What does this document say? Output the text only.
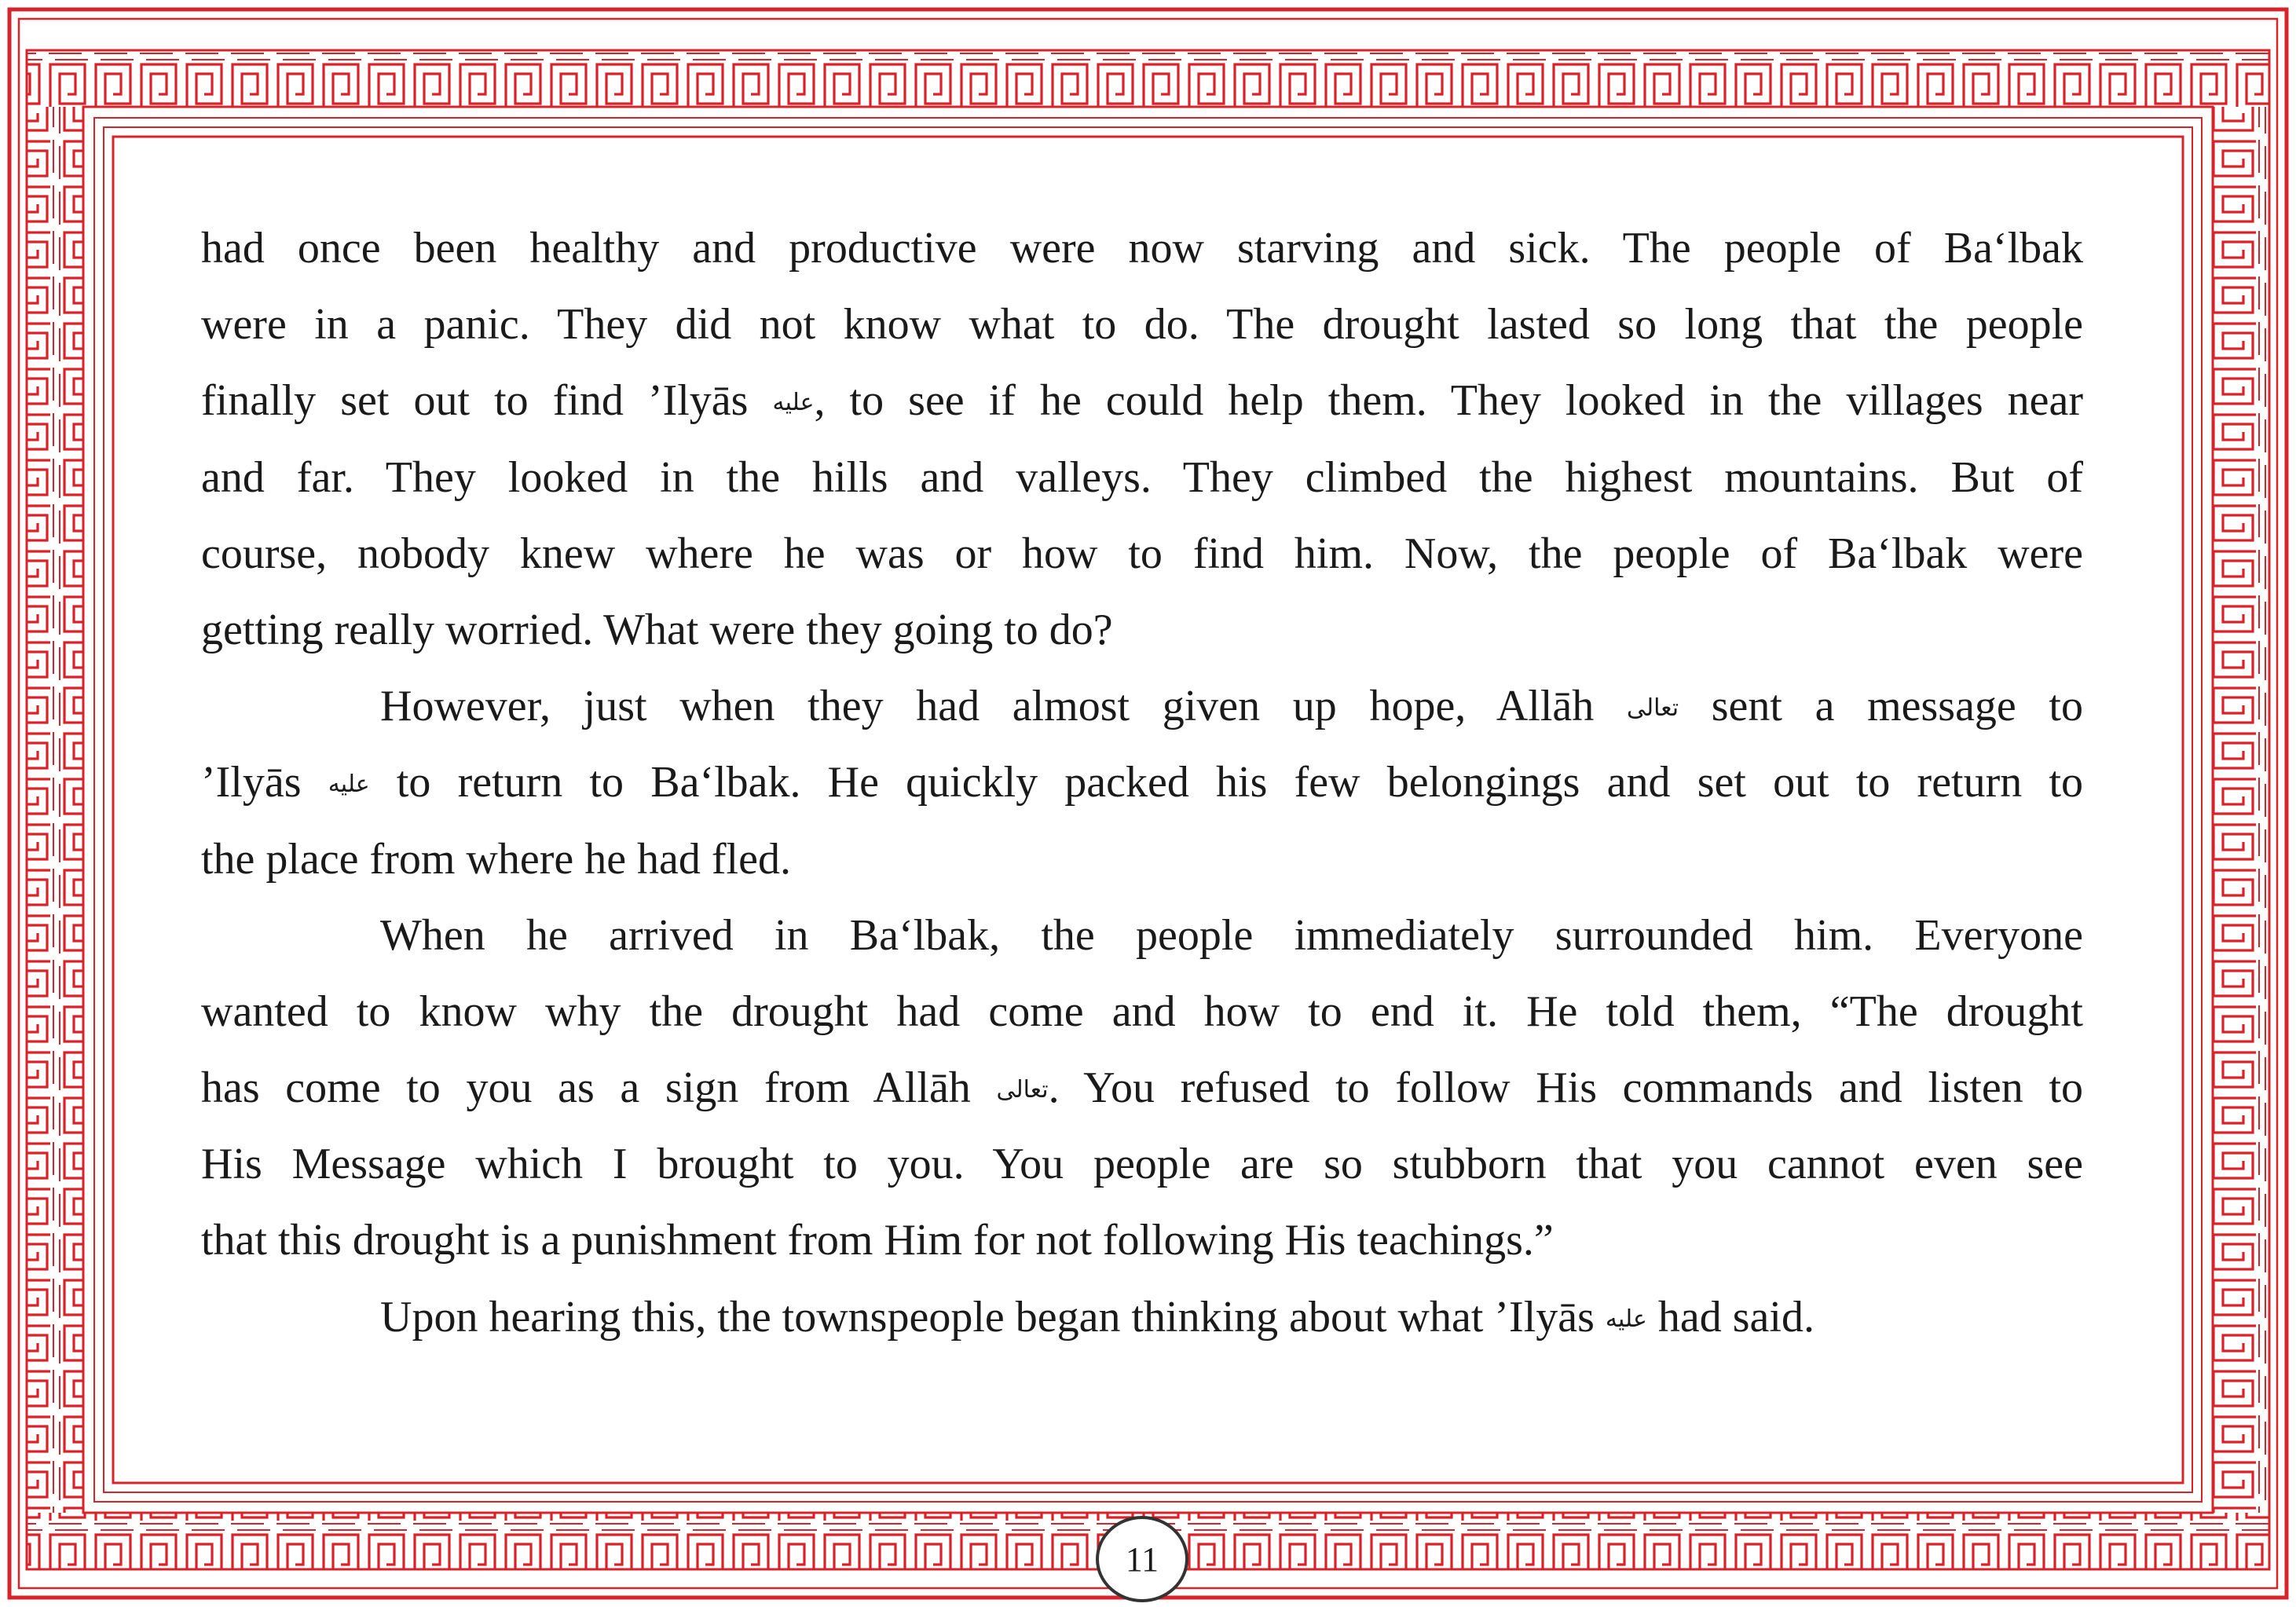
had once been healthy and productive were now starving and sick. The people of Ba‘lbak
were in a panic. They did not know what to do. The drought lasted so long that the people
finally set out to find ’Ilyās عليه, to see if he could help them. They looked in the villages near
and far. They looked in the hills and valleys. They climbed the highest mountains. But of
course, nobody knew where he was or how to find him. Now, the people of Ba‘lbak were
getting really worried. What were they going to do?
However, just when they had almost given up hope, Allāh تعالى sent a message to
’Ilyās عليه to return to Ba‘lbak. He quickly packed his few belongings and set out to return to
the place from where he had fled.
When he arrived in Ba‘lbak, the people immediately surrounded him. Everyone
wanted to know why the drought had come and how to end it. He told them, “The drought
has come to you as a sign from Allāh تعالى. You refused to follow His commands and listen to
His Message which I brought to you. You people are so stubborn that you cannot even see
that this drought is a punishment from Him for not following His teachings.”
Upon hearing this, the townspeople began thinking about what ’Ilyās عليه had said.
11
